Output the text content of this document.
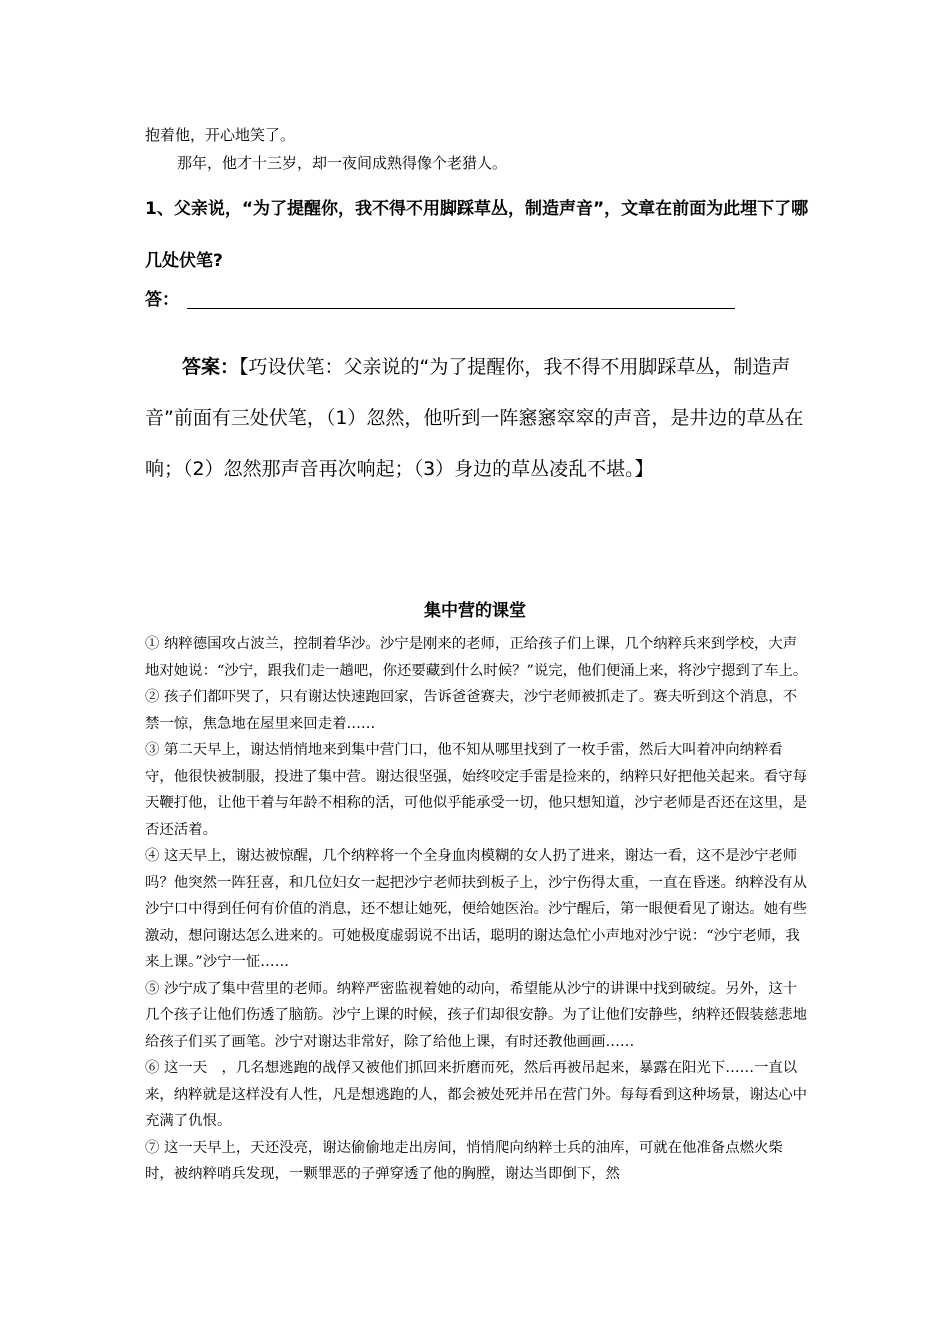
抱着他，开心地笑了。
那年，他才十三岁，却一夜间成熟得像个老猎人。
1、父亲说，“为了提醒你，我不得不用脚踩草丛，制造声音”，文章在前面为此埋下了哪几处伏笔?
答：
答案：【巧设伏笔：父亲说的“为了提醒你，我不得不用脚踩草丛，制造声音”前面有三处伏笔，（1）忽然，他听到一阵窸窸窣窣的声音，是井边的草丛在响；（2）忽然那声音再次响起；（3）身边的草丛凌乱不堪。】
集中营的课堂

① 纳粹德国攻占波兰，控制着华沙。沙宁是刚来的老师，正给孩子们上课，几个纳粹兵来到学校，大声地对她说：“沙宁，跟我们走一趟吧，你还要藏到什么时候？”说完，他们便涌上来，将沙宁摁到了车上。

② 孩子们都吓哭了，只有谢达快速跑回家，告诉爸爸赛夫，沙宁老师被抓走了。赛夫听到这个消息，不禁一惊，焦急地在屋里来回走着……

③ 第二天早上，谢达悄悄地来到集中营门口，他不知从哪里找到了一枚手雷，然后大叫着冲向纳粹看守，他很快被制服，投进了集中营。谢达很坚强，始终咬定手雷是捡来的，纳粹只好把他关起来。看守每天鞭打他，让他干着与年龄不相称的活，可他似乎能承受一切，他只想知道，沙宁老师是否还在这里，是否还活着。

④ 这天早上，谢达被惊醒，几个纳粹将一个全身血肉模糊的女人扔了进来，谢达一看，这不是沙宁老师吗？他突然一阵狂喜，和几位妇女一起把沙宁老师扶到板子上，沙宁伤得太重，一直在昏迷。纳粹没有从沙宁口中得到任何有价值的消息，还不想让她死，便给她医治。沙宁醒后，第一眼便看见了谢达。她有些激动，想问谢达怎么进来的。可她极度虚弱说不出话，聪明的谢达急忙小声地对沙宁说：“沙宁老师，我来上课。”沙宁一怔……

⑤ 沙宁成了集中营里的老师。纳粹严密监视着她的动向，希望能从沙宁的讲课中找到破绽。另外，这十几个孩子让他们伤透了脑筋。沙宁上课的时候，孩子们却很安静。为了让他们安静些，纳粹还假装慈悲地给孩子们买了画笔。沙宁对谢达非常好，除了给他上课，有时还教他画画……

⑥ 这一天　，几名想逃跑的战俘又被他们抓回来折磨而死，然后再被吊起来，暴露在阳光下……一直以来，纳粹就是这样没有人性，凡是想逃跑的人，都会被处死并吊在营门外。每每看到这种场景，谢达心中充满了仇恨。

⑦ 这一天早上，天还没亮，谢达偷偷地走出房间，悄悄爬向纳粹士兵的油库，可就在他准备点燃火柴时，被纳粹哨兵发现，一颗罪恶的子弹穿透了他的胸膛，谢达当即倒下，然
